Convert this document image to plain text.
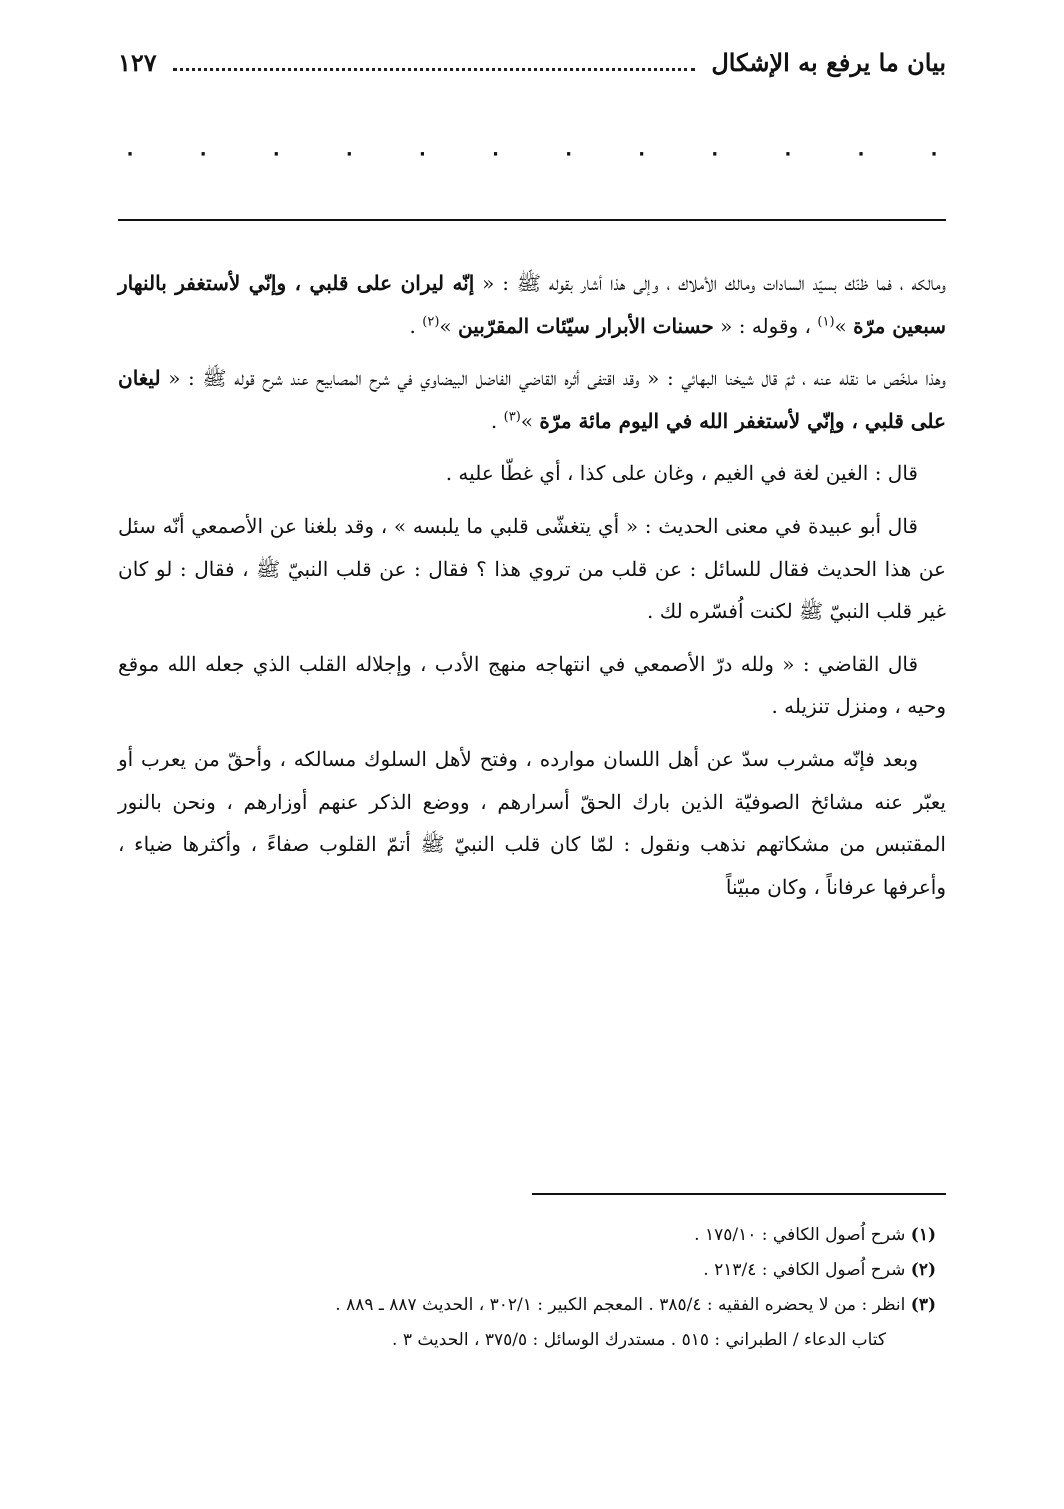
بيان ما يرفع به الإشكال
١٢٧
٠
٠
٠
٠
٠
٠
٠
٠
٠
٠
٠
٠

ومالكه ، فما ظنّك بسيّد السادات ومالك الأملاك ، وإلى هذا أشار بقوله ﷺ : « إنّه ليران على قلبي ، وإنّي لأستغفر بالنهار سبعين مرّة »$^{(١)}$ ، وقوله : « حسنات الأبرار سيّئات المقرّبين »$^{(٢)}$ .

وهذا ملخّص ما نقله عنه ، ثمّ قال شيخنا البهائي : « وقد اقتفى أثره القاضي الفاضل البيضاوي في شرح المصابيح عند شرح قوله ﷺ : « ليغان على قلبي ، وإنّي لأستغفر الله في اليوم مائة مرّة »$^{(٣)}$ .

قال : الغين لغة في الغيم ، وغان على كذا ، أي غطّا عليه .

قال أبو عبيدة في معنى الحديث : « أي يتغشّى قلبي ما يلبسه » ، وقد بلغنا عن الأصمعي أنّه سئل عن هذا الحديث فقال للسائل : عن قلب من تروي هذا ؟ فقال : عن قلب النبيّ ﷺ ، فقال : لو كان غير قلب النبيّ ﷺ لكنت اُفسّره لك .

قال القاضي : « ولله درّ الأصمعي في انتهاجه منهج الأدب ، وإجلاله القلب الذي جعله الله موقع وحيه ، ومنزل تنزيله .

وبعد فإنّه مشرب سدّ عن أهل اللسان موارده ، وفتح لأهل السلوك مسالكه ، وأحقّ من يعرب أو يعبّر عنه مشائخ الصوفيّة الذين بارك الحقّ أسرارهم ، ووضع الذكر عنهم أوزارهم ، ونحن بالنور المقتبس من مشكاتهم نذهب ونقول : لمّا كان قلب النبيّ ﷺ أتمّ القلوب صفاءً ، وأكثرها ضياء ، وأعرفها عرفاناً ، وكان مبيّناً

(١) شرح اُصول الكافي : ١٧٥/١٠ .

(٢) شرح اُصول الكافي : ٢١٣/٤ .

(٣) انظر : من لا يحضره الفقيه : ٣٨٥/٤ . المعجم الكبير : ٣٠٢/١ ، الحديث ٨٨٧ ـ ٨٨٩ .

كتاب الدعاء / الطبراني : ٥١٥ . مستدرك الوسائل : ٣٧٥/٥ ، الحديث ٣ .
